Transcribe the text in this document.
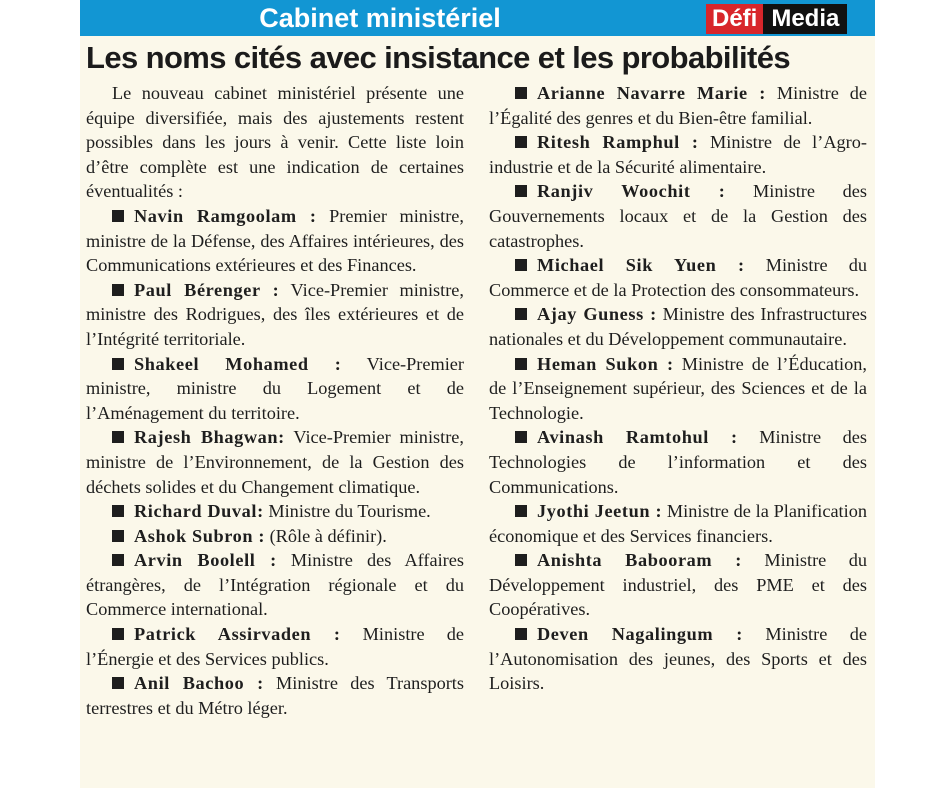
Cabinet ministériel	Défi Media
Les noms cités avec insistance et les probabilités

Le nouveau cabinet ministériel présente une équipe diversifiée, mais des ajustements restent possibles dans les jours à venir. Cette liste loin d’être complète est une indication de certaines éventualités :

Navin Ramgoolam : Premier ministre, ministre de la Défense, des Affaires intérieures, des Communications extérieures et des Finances.

Paul Bérenger : Vice-Premier ministre, ministre des Rodrigues, des îles extérieures et de l’Intégrité territoriale.

Shakeel Mohamed : Vice-Premier ministre, ministre du Logement et de l’Aménagement du territoire.

Rajesh Bhagwan: Vice-Premier ministre, ministre de l’Environnement, de la Gestion des déchets solides et du Changement climatique.

Richard Duval: Ministre du Tourisme.

Ashok Subron : (Rôle à définir).

Arvin Boolell : Ministre des Affaires étrangères, de l’Intégration régionale et du Commerce international.

Patrick Assirvaden : Ministre de l’Énergie et des Services publics.

Anil Bachoo : Ministre des Transports terrestres et du Métro léger.

Arianne Navarre Marie : Ministre de l’Égalité des genres et du Bien-être familial.

Ritesh Ramphul : Ministre de l’Agro-industrie et de la Sécurité alimentaire.

Ranjiv Woochit : Ministre des Gouvernements locaux et de la Gestion des catastrophes.

Michael Sik Yuen : Ministre du Commerce et de la Protection des consommateurs.

Ajay Guness : Ministre des Infrastructures nationales et du Développement communautaire.

Heman Sukon : Ministre de l’Éducation, de l’Enseignement supérieur, des Sciences et de la Technologie.

Avinash Ramtohul : Ministre des Technologies de l’information et des Communications.

Jyothi Jeetun : Ministre de la Planification économique et des Services financiers.

Anishta Babooram : Ministre du Développement industriel, des PME et des Coopératives.

Deven Nagalingum : Ministre de l’Autonomisation des jeunes, des Sports et des Loisirs.
